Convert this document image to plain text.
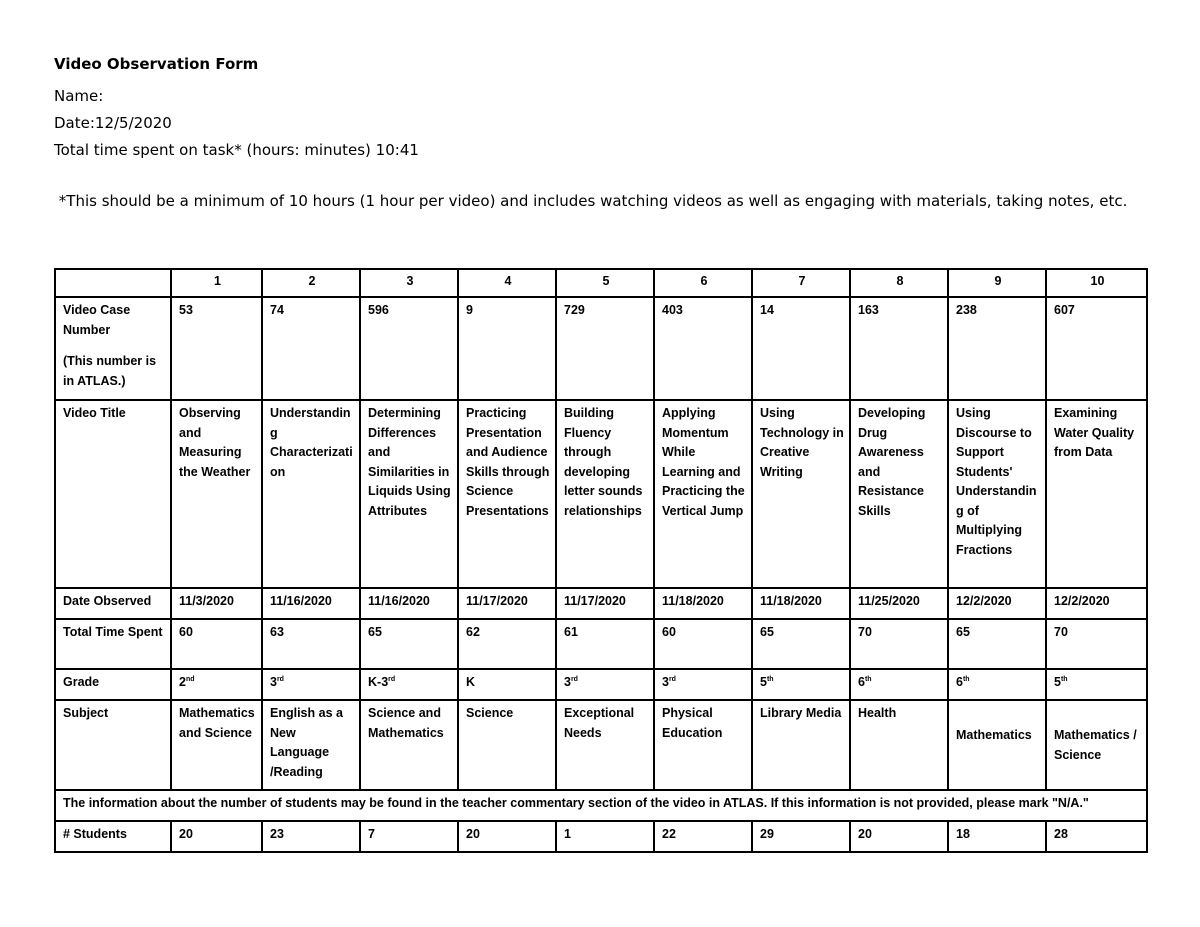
Video Observation Form
Name:
Date:12/5/2020
Total time spent on task* (hours: minutes) 10:41
*This should be a minimum of 10 hours (1 hour per video) and includes watching videos as well as engaging with materials, taking notes, etc.
	1	2	3	4	5	6	7	8	9	10
Video Case Number
(This number is in ATLAS.)	53	74	596	9	729	403	14	163	238	607
Video Title	Observing and Measuring the Weather	Understanding Characterization	Determining Differences and Similarities in Liquids Using Attributes	Practicing Presentation and Audience Skills through Science Presentations	Building Fluency through developing letter sounds relationships	Applying Momentum While Learning and Practicing the Vertical Jump	Using Technology in Creative Writing	Developing Drug Awareness and Resistance Skills	Using Discourse to Support Students' Understanding of Multiplying Fractions	Examining Water Quality from Data
Date Observed	11/3/2020	11/16/2020	11/16/2020	11/17/2020	11/17/2020	11/18/2020	11/18/2020	11/25/2020	12/2/2020	12/2/2020
Total Time Spent	60	63	65	62	61	60	65	70	65	70
Grade	2nd	3rd	K-3rd	K	3rd	3rd	5th	6th	6th	5th
Subject	Mathematics and Science	English as a New Language /Reading	Science and Mathematics	Science	Exceptional Needs	Physical Education	Library Media	Health	Mathematics	Mathematics / Science

The information about the number of students may be found in the teacher commentary section of the video in ATLAS. If this information is not provided, please mark "N/A."										
# Students	20	23	7	20	1	22	29	20	18	28
